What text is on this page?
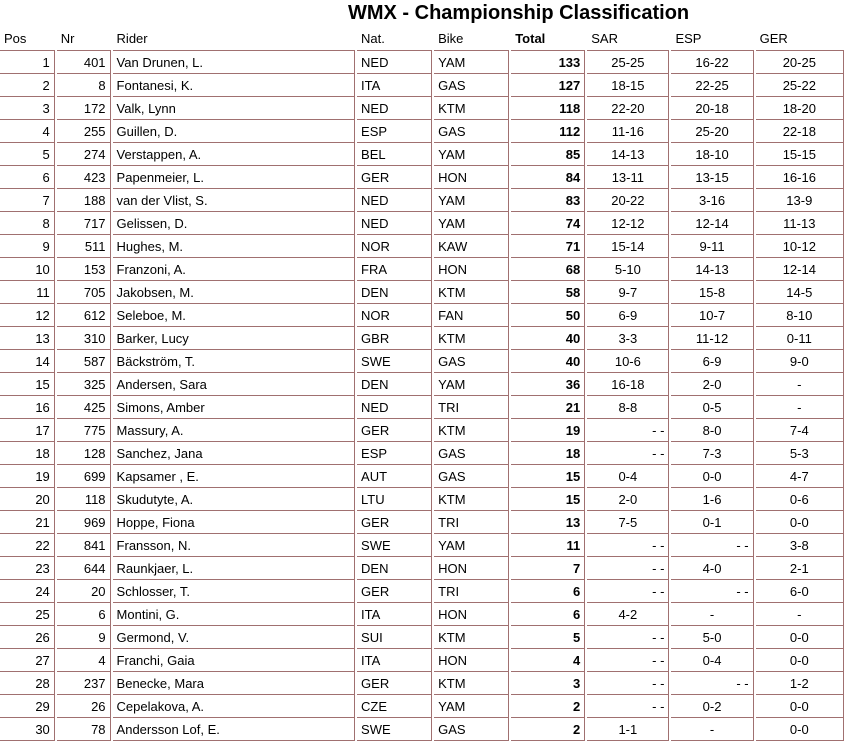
WMX - Championship Classification
Pos	Nr	Rider	Nat.	Bike	Total	SAR	ESP	GER
1	401	Van Drunen, L.	NED	YAM	133	25-25	16-22	20-25
2	8	Fontanesi, K.	ITA	GAS	127	18-15	22-25	25-22
3	172	Valk, Lynn	NED	KTM	118	22-20	20-18	18-20
4	255	Guillen, D.	ESP	GAS	112	11-16	25-20	22-18
5	274	Verstappen, A.	BEL	YAM	85	14-13	18-10	15-15
6	423	Papenmeier, L.	GER	HON	84	13-11	13-15	16-16
7	188	van der Vlist, S.	NED	YAM	83	20-22	3-16	13-9
8	717	Gelissen, D.	NED	YAM	74	12-12	12-14	11-13
9	511	Hughes, M.	NOR	KAW	71	15-14	9-11	10-12
10	153	Franzoni, A.	FRA	HON	68	5-10	14-13	12-14
11	705	Jakobsen, M.	DEN	KTM	58	9-7	15-8	14-5
12	612	Seleboe, M.	NOR	FAN	50	6-9	10-7	8-10
13	310	Barker, Lucy	GBR	KTM	40	3-3	11-12	0-11
14	587	Bäckström, T.	SWE	GAS	40	10-6	6-9	9-0
15	325	Andersen, Sara	DEN	YAM	36	16-18	2-0	-
16	425	Simons, Amber	NED	TRI	21	8-8	0-5	-
17	775	Massury, A.	GER	KTM	19	- -	8-0	7-4
18	128	Sanchez, Jana	ESP	GAS	18	- -	7-3	5-3
19	699	Kapsamer , E.	AUT	GAS	15	0-4	0-0	4-7
20	118	Skudutyte, A.	LTU	KTM	15	2-0	1-6	0-6
21	969	Hoppe, Fiona	GER	TRI	13	7-5	0-1	0-0
22	841	Fransson, N.	SWE	YAM	11	- -	- -	3-8
23	644	Raunkjaer, L.	DEN	HON	7	- -	4-0	2-1
24	20	Schlosser, T.	GER	TRI	6	- -	- -	6-0
25	6	Montini, G.	ITA	HON	6	4-2	-	-
26	9	Germond, V.	SUI	KTM	5	- -	5-0	0-0
27	4	Franchi, Gaia	ITA	HON	4	- -	0-4	0-0
28	237	Benecke, Mara	GER	KTM	3	- -	- -	1-2
29	26	Cepelakova, A.	CZE	YAM	2	- -	0-2	0-0
30	78	Andersson Lof, E.	SWE	GAS	2	1-1	-	0-0
